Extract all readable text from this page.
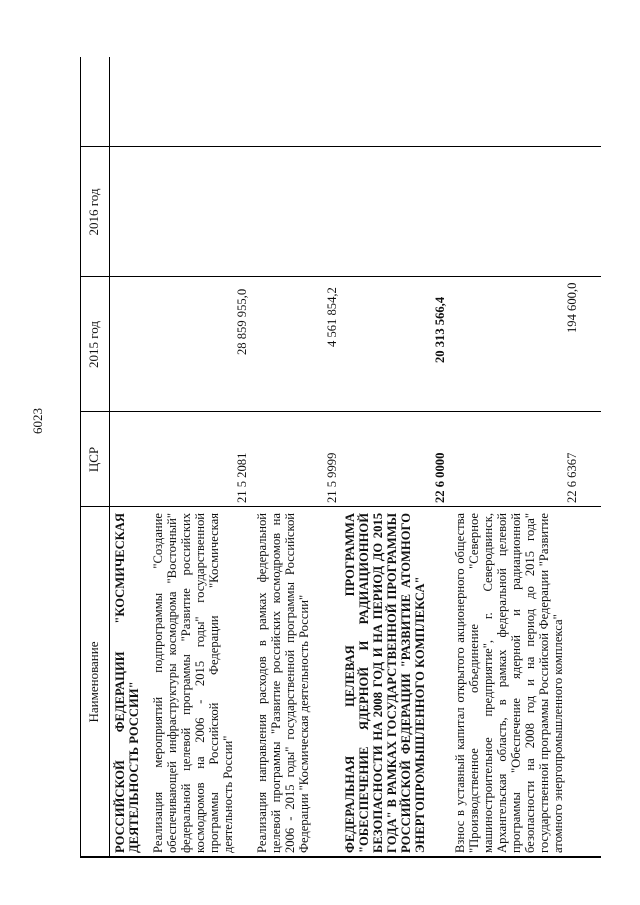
Наименование
ЦСР
2015 год
2016 год
РОССИЙСКОЙ ФЕДЕРАЦИИ "КОСМИЧЕСКАЯ ДЕЯТЕЛЬНОСТЬ РОССИИ" Реализация мероприятий подпрограммы "Создание обеспечивающей инфраструктуры космодрома "Восточный" федеральной целевой программы "Развитие российских космодромов на 2006 - 2015 годы" государственной программы Российской Федерации "Космическая деятельность России"
21 5 2081
28 859 955,0
Реализация направления расходов в рамках федеральной целевой программы "Развитие российских космодромов на 2006 - 2015 годы" государственной программы Российской Федерации "Космическая деятельность России"
21 5 9999
4 561 854,2
ФЕДЕРАЛЬНАЯ ЦЕЛЕВАЯ ПРОГРАММА "ОБЕСПЕЧЕНИЕ ЯДЕРНОЙ И РАДИАЦИОННОЙ БЕЗОПАСНОСТИ НА 2008 ГОД И НА ПЕРИОД ДО 2015 ГОДА" В РАМКАХ ГОСУДАРСТВЕННОЙ ПРОГРАММЫ РОССИЙСКОЙ ФЕДЕРАЦИИ "РАЗВИТИЕ АТОМНОГО ЭНЕРГОПРОМЫШЛЕННОГО КОМПЛЕКСА"
22 6 0000
20 313 566,4
Взнос в уставный капитал открытого акционерного общества "Производственное объединение "Северное машиностроительное предприятие", г. Северодвинск, Архангельская область, в рамках федеральной целевой программы "Обеспечение ядерной и радиационной безопасности на 2008 год и на период до 2015 года" государственной программы Российской Федерации "Развитие атомного энергопромышленного комплекса"
22 6 6367
194 600,0
6023
